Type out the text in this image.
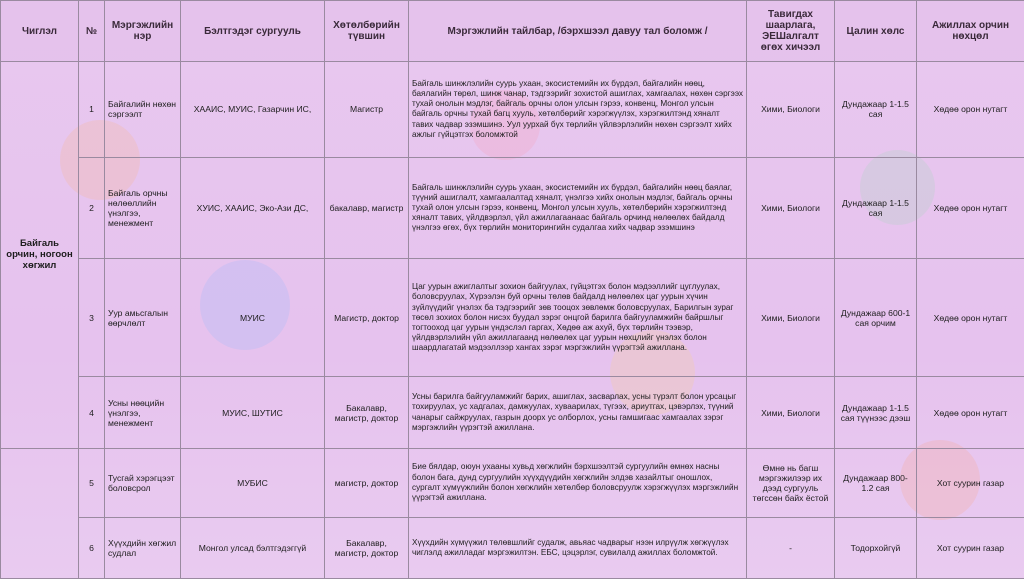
Чиглэл	№	Мэргэжлийн нэр	Бэлтгэдэг сургууль	Хөтөлбөрийн түвшин	Мэргэжлийн тайлбар, /бэрхшээл давуу тал боломж /	Тавигдах шаарлага, ЭЕШалгалт өгөх хичээл	Цалин хөлс	Ажиллах орчин нөхцөл
Байгаль орчин, ногоон хөгжил	1	Байгалийн нөхөн сэргээлт	ХААИС, МУИС, Газарчин ИС,	Магистр	Байгаль шинжлэлийн суурь ухаан, экосистемийн их бүрдэл, байгалийн нөөц, баялагийн төрөл, шинж чанар, тэдгээрийг зохистой ашиглах, хамгаалах, нөхөн сэргээх тухай онолын мэдлэг, байгаль орчны олон улсын гэрээ, конвенц, Монгол улсын байгаль орчны тухай багц хууль, хөтөлбөрийг хэрэгжүүлэх, хэрэгжилтэнд хяналт тавих чадвар эзэмшинэ. Уул уурхай бүх төрлийн үйлвэрлэлийн нөхөн сэргээлт хийх ажлыг гүйцэтгэх боломжтой	Хими, Биологи	Дундажаар 1-1.5 сая	Хөдөө орон нутагт
	2	Байгаль орчны нөлөөллийн үнэлгээ, менежмент	ХУИС, ХААИС, Эко-Ази ДС,	бакалавр, магистр	Байгаль шинжлэлийн суурь ухаан, экосистемийн их бүрдэл, байгалийн нөөц баялаг, түүний ашиглалт, хамгаалалтад хяналт, үнэлгээ хийх онолын мэдлэг, байгаль орчны тухай олон улсын гэрээ, конвенц, Монгол улсын хууль, хөтөлбөрийн хэрэгжилтэнд хяналт тавих, үйлдвэрлэл, үйл ажиллагаанаас байгаль орчинд нөлөөлөх байдалд үнэлгээ өгөх, бүх төрлийн мониторингийн судалгаа хийх чадвар эзэмшинэ	Хими, Биологи	Дундажаар 1-1.5 сая	Хөдөө орон нутагт
	3	Уур амьсгалын өөрчлөлт	МУИС	Магистр, доктор	Цаг уурын ажиглалтыг зохион байгуулах, гүйцэтгэх болон мэдээллийг цуглуулах, боловсруулах, Хүрээлэн буй орчны төлөв байдалд нөлөөлөх цаг уурын хүчин зүйлүүдийг үнэлэх ба тэдгээрийг зөв тооцох зөвлөмж боловсруулах, Барилгын зураг төсөл зохиох болон нисэх буудал зэрэг онцгой барилга байгууламжийн байршлыг тогтооход цаг уурын үндэслэл гаргах, Хөдөө аж ахуй, бүх төрлийн тээвэр, үйлдвэрлэлийн үйл ажиллагаанд нөлөөлөх цаг уурын нөхцлийг үнэлэх болон шаардлагатай мэдээллээр хангах зэрэг мэргэжлийн үүрэгтэй ажиллана.	Хими, Биологи	Дундажаар 600-1 сая орчим	Хөдөө орон нутагт
	4	Усны нөөцийн үнэлгээ, менежмент	МУИС, ШУТИС	Бакалавр, магистр, доктор	Усны барилга байгууламжийг барих, ашиглах, засварлах, усны түрэлт болон урсацыг тохируулах, ус хадгалах, дамжуулах, хуваарилах, түгээх, ариутгах, цэвэрлэх, түүний чанарыг сайжруулах, газрын доорх ус олборлох, усны гамшигаас хамгаалах зэрэг мэргэжлийн үүрэгтэй ажиллана.	Хими, Биологи	Дундажаар 1-1.5 сая түүнээс дээш	Хөдөө орон нутагт
	5	Тусгай хэрэгцээт боловсрол	МУБИС	магистр, доктор	Бие бялдар, оюун ухааны хувьд хөгжлийн бэрхшээлтэй сургуулийн өмнөх насны болон бага, дунд сургуулийн хүүхдүүдийн хөгжлийн элдэв хазайлтыг оношлох, сургалт хүмүүжлийн болон хөгжлийн хөтөлбөр боловсруулж хэрэгжүүлэх мэргэжлийн үүрэгтэй ажиллана.	Өмнө нь багш мэргэжилээр их дээд сургууль төгссөн байх ёстой	Дундажаар 800-1.2 сая	Хот суурин газар
	6	Хүүхдийн хөгжил судлал	Монгол улсад бэлтгэдэггүй	Бакалавр, магистр, доктор	Хүүхдийн хүмүүжил төлөвшлийг судалж, авьяас чадварыг нээн илрүүлж хөгжүүлэх чиглэлд ажилладаг мэргэжилтэн. ЕБС, цэцэрлэг, сувилалд ажиллах боломжтой.	-	Тодорхойгүй	Хот суурин газар
